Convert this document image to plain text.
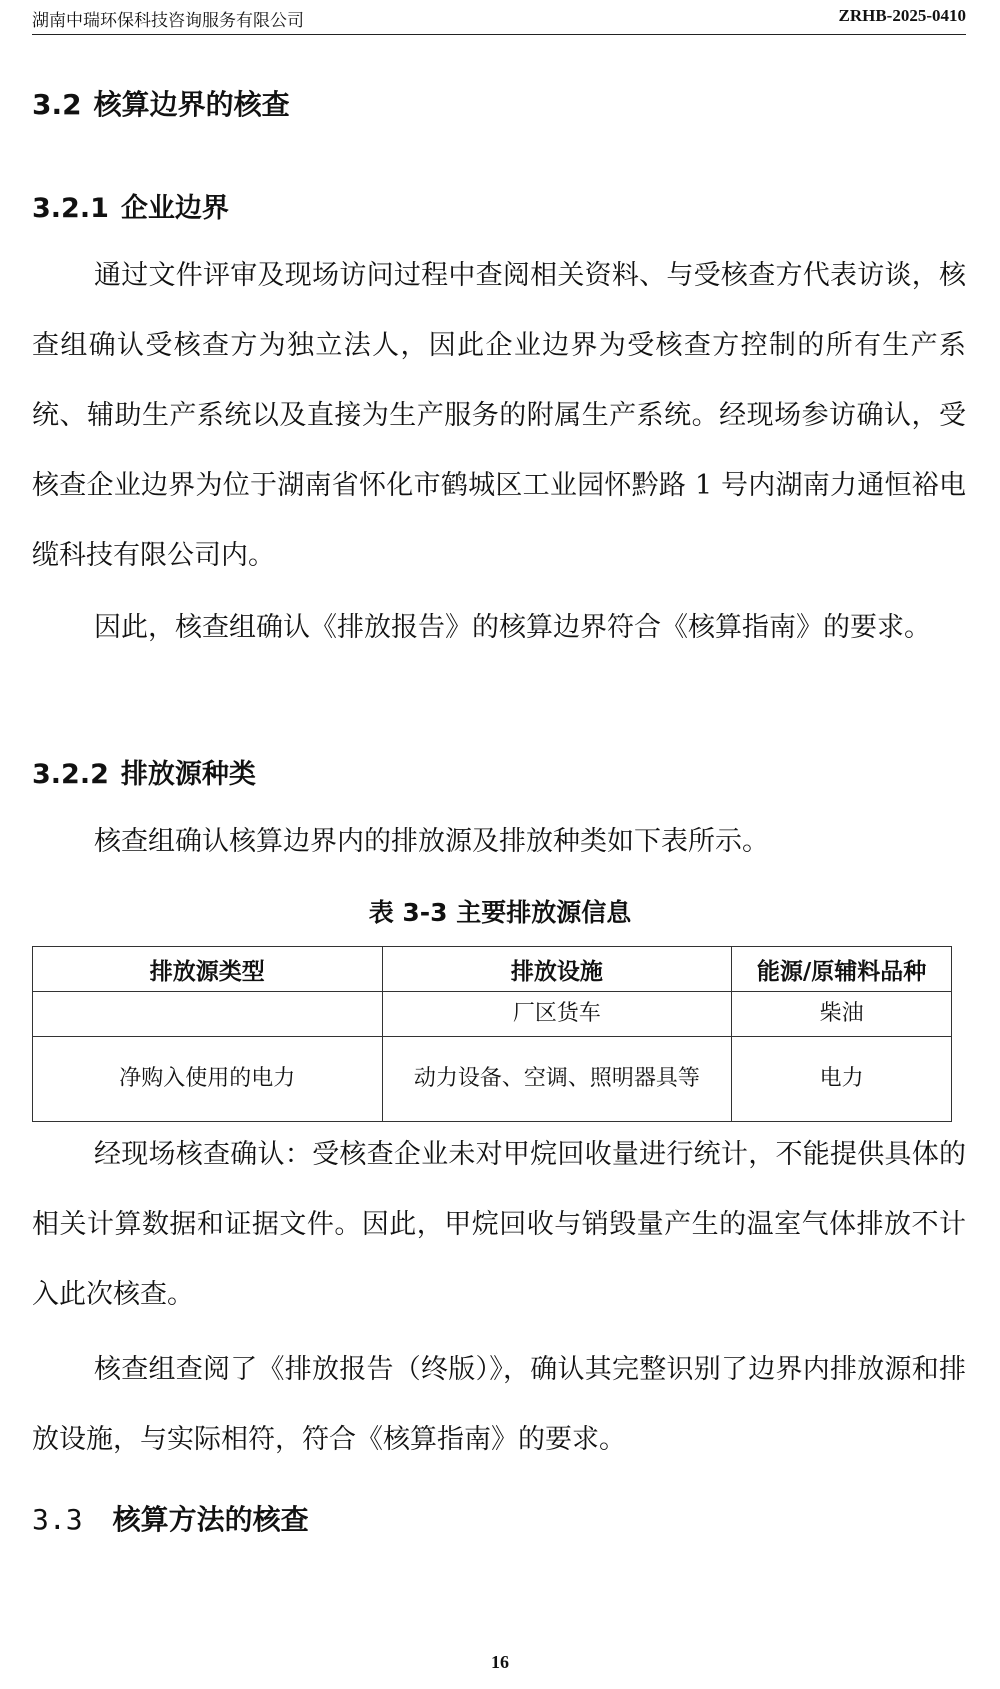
湖南中瑞环保科技咨询服务有限公司	ZRHB-2025-0410
3.2 核算边界的核查
3.2.1 企业边界

通过文件评审及现场访问过程中查阅相关资料、与受核查方代表访谈，核查组确认受核查方为独立法人，因此企业边界为受核查方控制的所有生产系统、辅助生产系统以及直接为生产服务的附属生产系统。经现场参访确认，受核查企业边界为位于湖南省怀化市鹤城区工业园怀黔路 1 号内湖南力通恒裕电缆科技有限公司内。

因此，核查组确认《排放报告》的核算边界符合《核算指南》的要求。

3.2.2 排放源种类

核查组确认核算边界内的排放源及排放种类如下表所示。

表 3-3 主要排放源信息
排放源类型	排放设施	能源/原辅料品种
	厂区货车	柴油
净购入使用的电力	动力设备、空调、照明器具等	电力

经现场核查确认：受核查企业未对甲烷回收量进行统计，不能提供具体的相关计算数据和证据文件。因此，甲烷回收与销毁量产生的温室气体排放不计入此次核查。

核查组查阅了《排放报告（终版）》，确认其完整识别了边界内排放源和排放设施，与实际相符，符合《核算指南》的要求。

3.3 核算方法的核查
16
